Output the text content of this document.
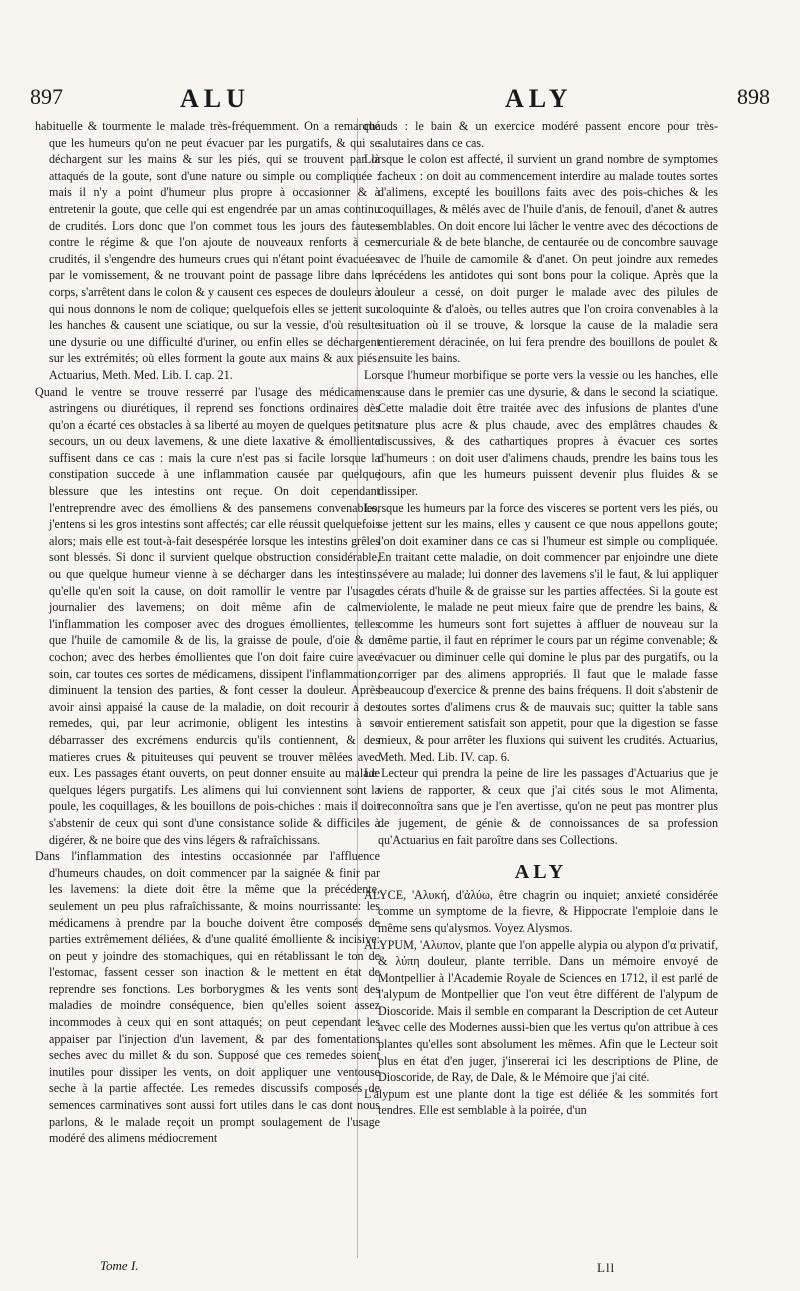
897	ALU	ALY	898

habituelle & tourmente le malade très-fréquemment. On a remarqué que les humeurs qu'on ne peut évacuer par les purgatifs, & qui se déchargent sur les mains & sur les piés, qui se trouvent par là attaqués de la goute, sont d'une nature ou simple ou compliquée : mais il n'y a point d'humeur plus propre à occasionner & à entretenir la goute, que celle qui est engendrée par un amas continu de crudités. Lors donc que l'on commet tous les jours des fautes contre le régime & que l'on ajoute de nouveaux renforts à ces crudités, il s'engendre des humeurs crues qui n'étant point évacuées par le vomissement, & ne trouvant point de passage libre dans le corps, s'arrêtent dans le colon & y causent ces especes de douleurs à qui nous donnons le nom de colique; quelquefois elles se jettent sur les hanches & causent une sciatique, ou sur la vessie, d'où resulte une dysurie ou une difficulté d'uriner, ou enfin elles se déchargent sur les extrémités; où elles forment la goute aux mains & aux piés. Actuarius, Meth. Med. Lib. I. cap. 21.

Quand le ventre se trouve resserré par l'usage des médicamens astringens ou diurétiques, il reprend ses fonctions ordinaires dès qu'on a écarté ces obstacles à sa liberté au moyen de quelques petits secours, un ou deux lavemens, & une diete laxative & émolliente suffisent dans ce cas : mais la cure n'est pas si facile lorsque la constipation succede à une inflammation causée par quelque blessure que les intestins ont reçue. On doit cependant l'entreprendre avec des émolliens & des pansemens convenables, j'entens si les gros intestins sont affectés; car elle réussit quelquefois alors; mais elle est tout-à-fait desespérée lorsque les intestins grêles sont blessés. Si donc il survient quelque obstruction considérable, ou que quelque humeur vienne à se décharger dans les intestins, qu'elle qu'en soit la cause, on doit ramollir le ventre par l'usage journalier des lavemens; on doit même afin de calmer l'inflammation les composer avec des drogues émollientes, telles que l'huile de camomile & de lis, la graisse de poule, d'oie & de cochon; avec des herbes émollientes que l'on doit faire cuire avec soin, car toutes ces sortes de médicamens, dissipent l'inflammation, diminuent la tension des parties, & font cesser la douleur. Après avoir ainsi appaisé la cause de la maladie, on doit recourir à des remedes, qui, par leur acrimonie, obligent les intestins à se débarrasser des excrémens endurcis qu'ils contiennent, & des matieres crues & pituiteuses qui peuvent se trouver mêlées avec eux. Les passages étant ouverts, on peut donner ensuite au malade quelques légers purgatifs. Les alimens qui lui conviennent sont la poule, les coquillages, & les bouillons de pois-chiches : mais il doit s'abstenir de ceux qui sont d'une consistance solide & difficiles à digérer, & ne boire que des vins légers & rafraîchissans.

Dans l'inflammation des intestins occasionnée par l'affluence d'humeurs chaudes, on doit commencer par la saignée & finir par les lavemens: la diete doit être la même que la précédente, seulement un peu plus rafraîchissante, & moins nourrissante: les médicamens à prendre par la bouche doivent être composés de parties extrêmement déliées, & d'une qualité émolliente & incisive: on peut y joindre des stomachiques, qui en rétablissant le ton de l'estomac, fassent cesser son inaction & le mettent en état de reprendre ses fonctions. Les borborygmes & les vents sont des maladies de moindre conséquence, bien qu'elles soient assez incommodes à ceux qui en sont attaqués; on peut cependant les appaiser par l'injection d'un lavement, & par des fomentations seches avec du millet & du son. Supposé que ces remedes soient inutiles pour dissiper les vents, on doit appliquer une ventouse seche à la partie affectée. Les remedes discussifs composés de semences carminatives sont aussi fort utiles dans le cas dont nous parlons, & le malade reçoit un prompt soulagement de l'usage modéré des alimens médiocrement

chauds : le bain & un exercice modéré passent encore pour très-salutaires dans ce cas.

Lorsque le colon est affecté, il survient un grand nombre de symptomes facheux : on doit au commencement interdire au malade toutes sortes d'alimens, excepté les bouillons faits avec des pois-chiches & les coquillages, & mêlés avec de l'huile d'anis, de fenouil, d'anet & autres semblables. On doit encore lui lâcher le ventre avec des décoctions de mercuriale & de bete blanche, de centaurée ou de concombre sauvage avec de l'huile de camomile & d'anet. On peut joindre aux remedes précédens les antidotes qui sont bons pour la colique. Après que la douleur a cessé, on doit purger le malade avec des pilules de coloquinte & d'aloès, ou telles autres que l'on croira convenables à la situation où il se trouve, & lorsque la cause de la maladie sera entierement déracinée, on lui fera prendre des bouillons de poulet & ensuite les bains.

Lorsque l'humeur morbifique se porte vers la vessie ou les hanches, elle cause dans le premier cas une dysurie, & dans le second la sciatique. Cette maladie doit être traitée avec des infusions de plantes d'une nature plus acre & plus chaude, avec des emplâtres chaudes & discussives, & des cathartiques propres à évacuer ces sortes d'humeurs : on doit user d'alimens chauds, prendre les bains tous les jours, afin que les humeurs puissent devenir plus fluides & se dissiper.

Lorsque les humeurs par la force des visceres se portent vers les piés, ou se jettent sur les mains, elles y causent ce que nous appellons goute; l'on doit examiner dans ce cas si l'humeur est simple ou compliquée. En traitant cette maladie, on doit commencer par enjoindre une diete sévere au malade; lui donner des lavemens s'il le faut, & lui appliquer des cérats d'huile & de graisse sur les parties affectées. Si la goute est violente, le malade ne peut mieux faire que de prendre les bains, & comme les humeurs sont fort sujettes à affluer de nouveau sur la même partie, il faut en réprimer le cours par un régime convenable; & évacuer ou diminuer celle qui domine le plus par des purgatifs, ou la corriger par des alimens appropriés. Il faut que le malade fasse beaucoup d'exercice & prenne des bains fréquens. Il doit s'abstenir de toutes sortes d'alimens crus & de mauvais suc; quitter la table sans avoir entierement satisfait son appetit, pour que la digestion se fasse mieux, & pour arrêter les fluxions qui suivent les crudités. Actuarius, Meth. Med. Lib. IV. cap. 6.

Le Lecteur qui prendra la peine de lire les passages d'Actuarius que je viens de rapporter, & ceux que j'ai cités sous le mot Alimenta, reconnoîtra sans que je l'en avertisse, qu'on ne peut pas montrer plus de jugement, de génie & de connoissances de sa profession qu'Actuarius en fait paroître dans ses Collections.

ALY

ALYCE, 'Αλυκή, d'ἀλύω, être chagrin ou inquiet; anxieté considérée comme un symptome de la fievre, & Hippocrate l'emploie dans le même sens qu'alysmos. Voyez Alysmos.

ALYPUM, 'Αλυπον, plante que l'on appelle alypia ou alypon d'α privatif, & λύπη douleur, plante terrible. Dans un mémoire envoyé de Montpellier à l'Academie Royale de Sciences en 1712, il est parlé de l'alypum de Montpellier que l'on veut être différent de l'alypum de Dioscoride. Mais il semble en comparant la Description de cet Auteur avec celle des Modernes aussi-bien que les vertus qu'on attribue à ces plantes qu'elles sont absolument les mêmes. Afin que le Lecteur soit plus en état d'en juger, j'insererai ici les descriptions de Pline, de Dioscoride, de Ray, de Dale, & le Mémoire que j'ai cité.

L'alypum est une plante dont la tige est déliée & les sommités fort tendres. Elle est semblable à la poirée, d'un

Tome I.	Lll
